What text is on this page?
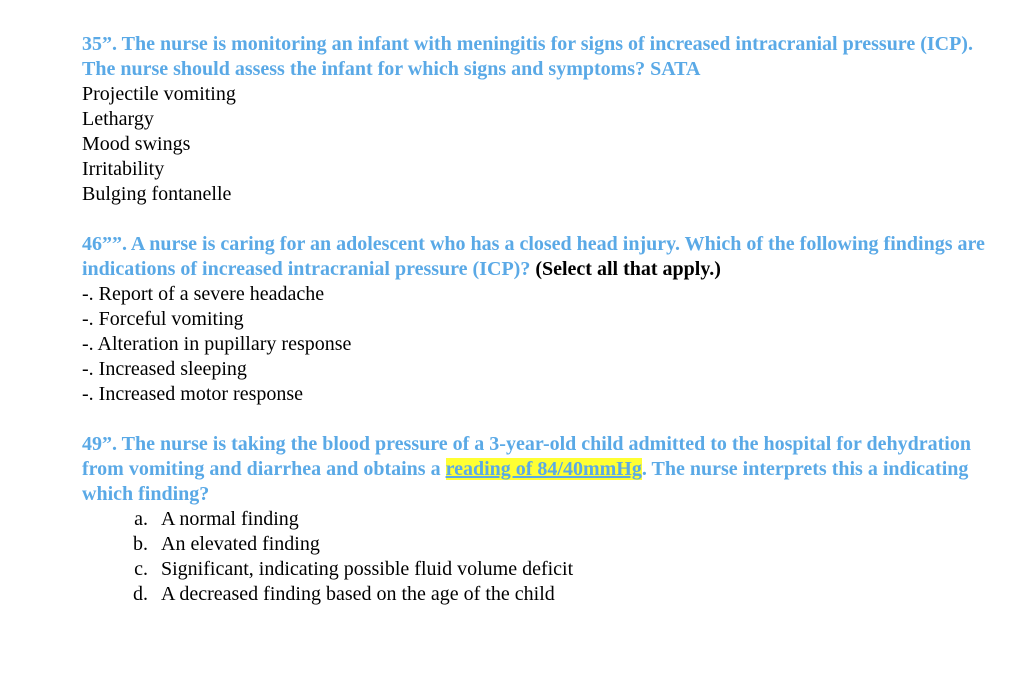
35”. The nurse is monitoring an infant with meningitis for signs of increased intracranial pressure (ICP). The nurse should assess the infant for which signs and symptoms? SATA

Projectile vomiting

Lethargy

Mood swings

Irritability

Bulging fontanelle

46””. A nurse is caring for an adolescent who has a closed head injury. Which of the following findings are indications of increased intracranial pressure (ICP)? (Select all that apply.)

-. Report of a severe headache

-. Forceful vomiting

-. Alteration in pupillary response

-. Increased sleeping

-. Increased motor response

49”. The nurse is taking the blood pressure of a 3-year-old child admitted to the hospital for dehydration from vomiting and diarrhea and obtains a reading of 84/40mmHg. The nurse interprets this a indicating which finding?

a. A normal finding
b. An elevated finding
c. Significant, indicating possible fluid volume deficit
d. A decreased finding based on the age of the child
